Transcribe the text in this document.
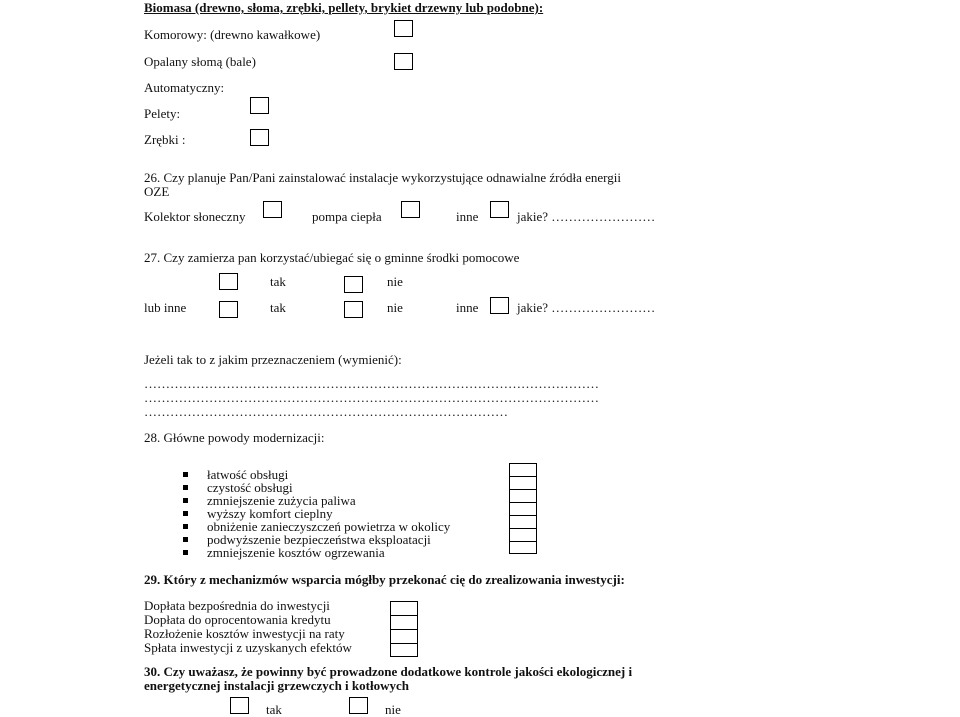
Biomasa (drewno, słoma, zrębki, pellety, brykiet drzewny lub podobne):
Komorowy: (drewno kawałkowe)
Opalany słomą (bale)
Automatyczny:
Pelety:
Zrębki :
26. Czy planuje Pan/Pani zainstalować instalacje wykorzystujące odnawialne źródła energii
OZE
Kolektor słoneczny	pompa ciepła	inne	jakie? ……………………
27. Czy zamierza pan korzystać/ubiegać się o gminne środki pomocowe
tak	nie
lub inne	tak	nie	inne	jakie? ……………………
Jeżeli tak to z jakim przeznaczeniem (wymienić):
……………………………………………………………………………………………
……………………………………………………………………………………………
…………………………………………………………………………
28. Główne powody modernizacji:
łatwość obsługi
czystość obsługi
zmniejszenie zużycia paliwa
wyższy komfort cieplny
obniżenie zanieczyszczeń powietrza w okolicy
podwyższenie bezpieczeństwa eksploatacji
zmniejszenie kosztów ogrzewania
29. Który z mechanizmów wsparcia mógłby przekonać cię do zrealizowania inwestycji:
Dopłata bezpośrednia do inwestycji
Dopłata do oprocentowania kredytu
Rozłożenie kosztów inwestycji na raty
Spłata inwestycji z uzyskanych efektów
30. Czy uważasz, że powinny być prowadzone dodatkowe kontrole jakości ekologicznej i
energetycznej instalacji grzewczych i kotłowych
tak	nie
